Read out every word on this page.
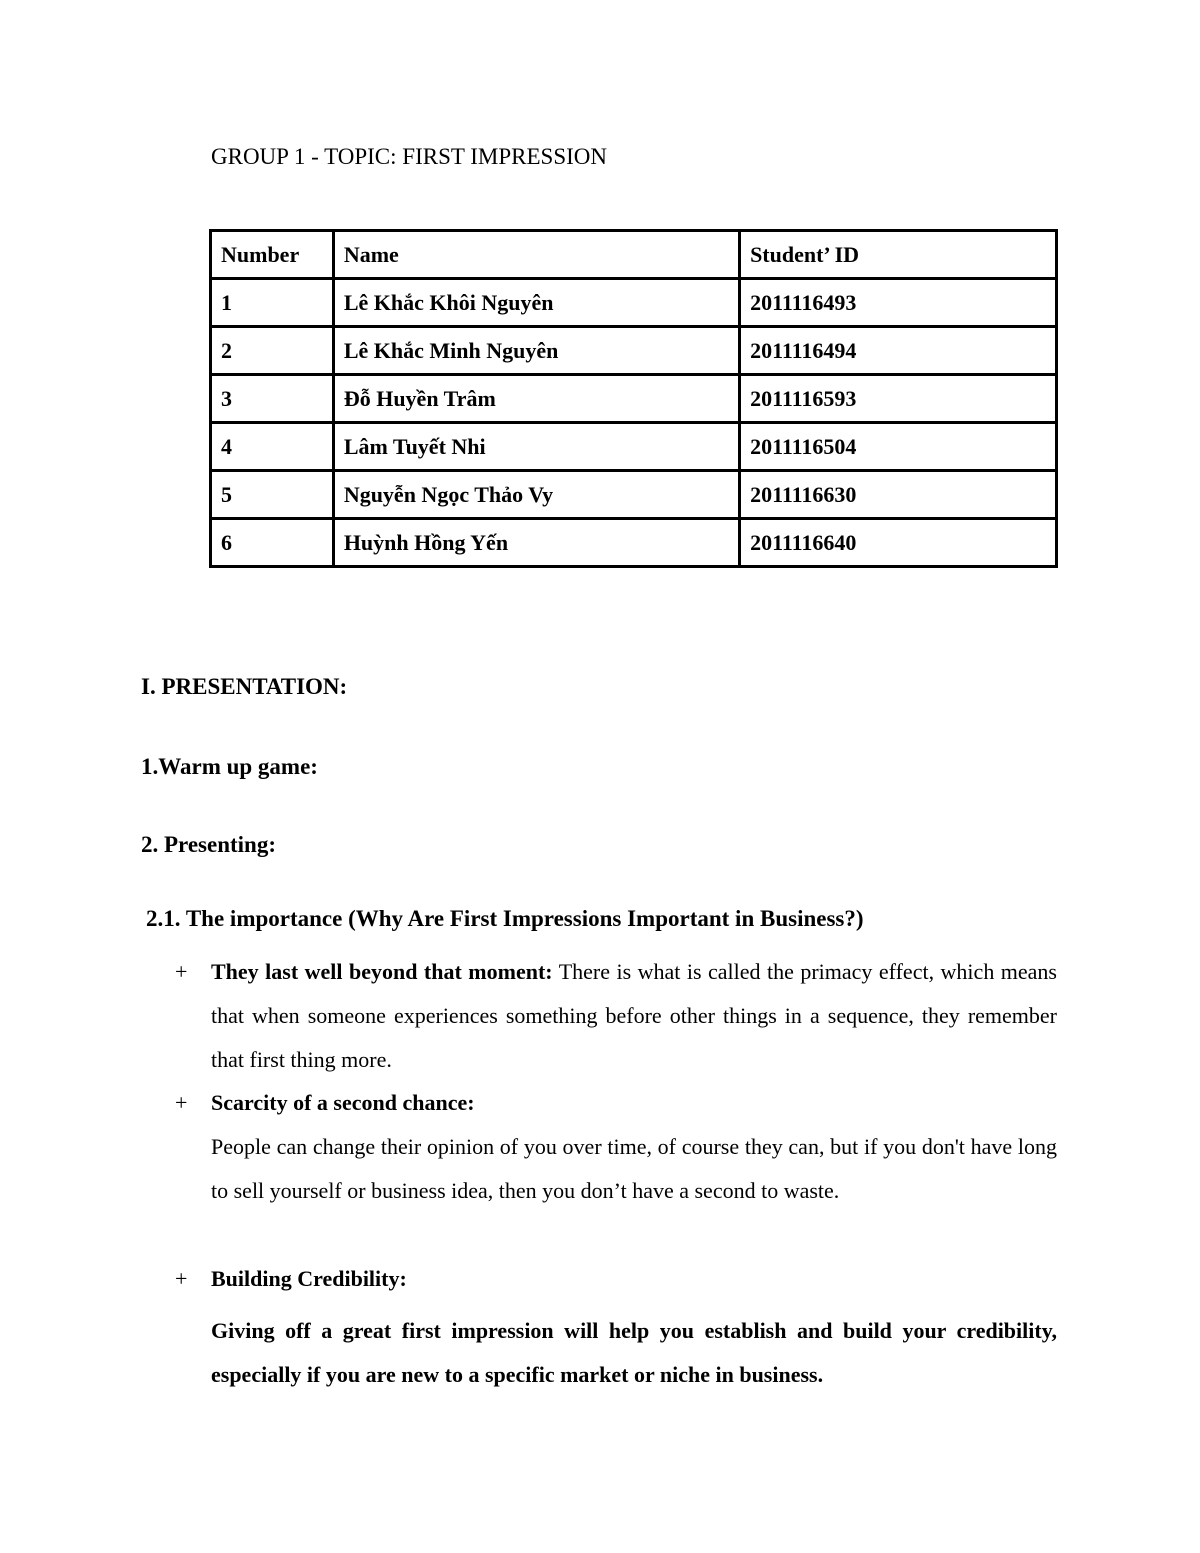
GROUP 1 - TOPIC: FIRST IMPRESSION
Number	Name	Student’ ID
1	Lê Khắc Khôi Nguyên	2011116493
2	Lê Khắc Minh Nguyên	2011116494
3	Đỗ Huyền Trâm	2011116593
4	Lâm Tuyết Nhi	2011116504
5	Nguyễn Ngọc Thảo Vy	2011116630
6	Huỳnh Hồng Yến	2011116640
I. PRESENTATION:
1.Warm up game:
2. Presenting:
2.1. The importance (Why Are First Impressions Important in Business?)
+ They last well beyond that moment: There is what is called the primacy effect, which means that when someone experiences something before other things in a sequence, they remember that first thing more.
+ Scarcity of a second chance:
People can change their opinion of you over time, of course they can, but if you don't have long to sell yourself or business idea, then you don’t have a second to waste.
+ Building Credibility:
Giving off a great first impression will help you establish and build your credibility, especially if you are new to a specific market or niche in business.
